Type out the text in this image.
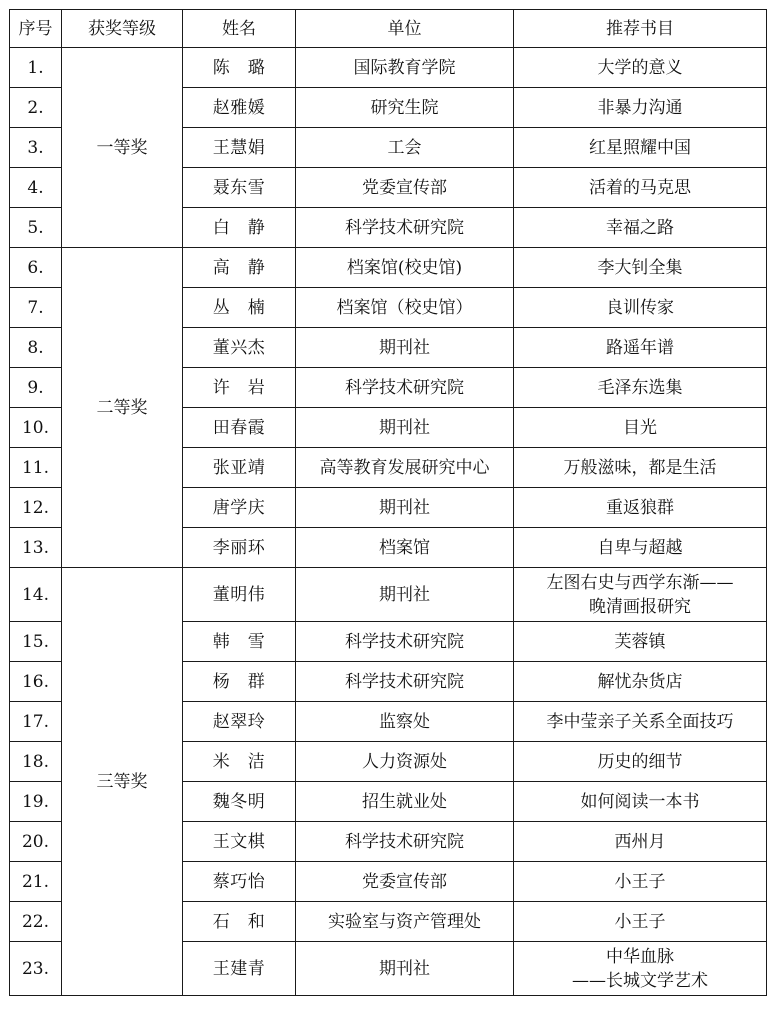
序号	获奖等级	姓名	单位	推荐书目
1.	一等奖	陈　璐	国际教育学院	大学的意义
2.		赵雅媛	研究生院	非暴力沟通
3.		王慧娟	工会	红星照耀中国
4.		聂东雪	党委宣传部	活着的马克思
5.		白　静	科学技术研究院	幸福之路
6.	二等奖	高　静	档案馆(校史馆)	李大钊全集
7.		丛　楠	档案馆（校史馆）	良训传家
8.		董兴杰	期刊社	路遥年谱
9.		许　岩	科学技术研究院	毛泽东选集
10.		田春霞	期刊社	目光
11.		张亚靖	高等教育发展研究中心	万般滋味，都是生活
12.		唐学庆	期刊社	重返狼群
13.		李丽环	档案馆	自卑与超越
14.	三等奖	董明伟	期刊社	左图右史与西学东渐——
晚清画报研究

15.		韩　雪	科学技术研究院	芙蓉镇
16.		杨　群	科学技术研究院	解忧杂货店
17.		赵翠玲	监察处	李中莹亲子关系全面技巧
18.		米　洁	人力资源处	历史的细节
19.		魏冬明	招生就业处	如何阅读一本书
20.		王文棋	科学技术研究院	西州月
21.		蔡巧怡	党委宣传部	小王子
22.		石　和	实验室与资产管理处	小王子
23.		王建青	期刊社	中华血脉
——长城文学艺术
